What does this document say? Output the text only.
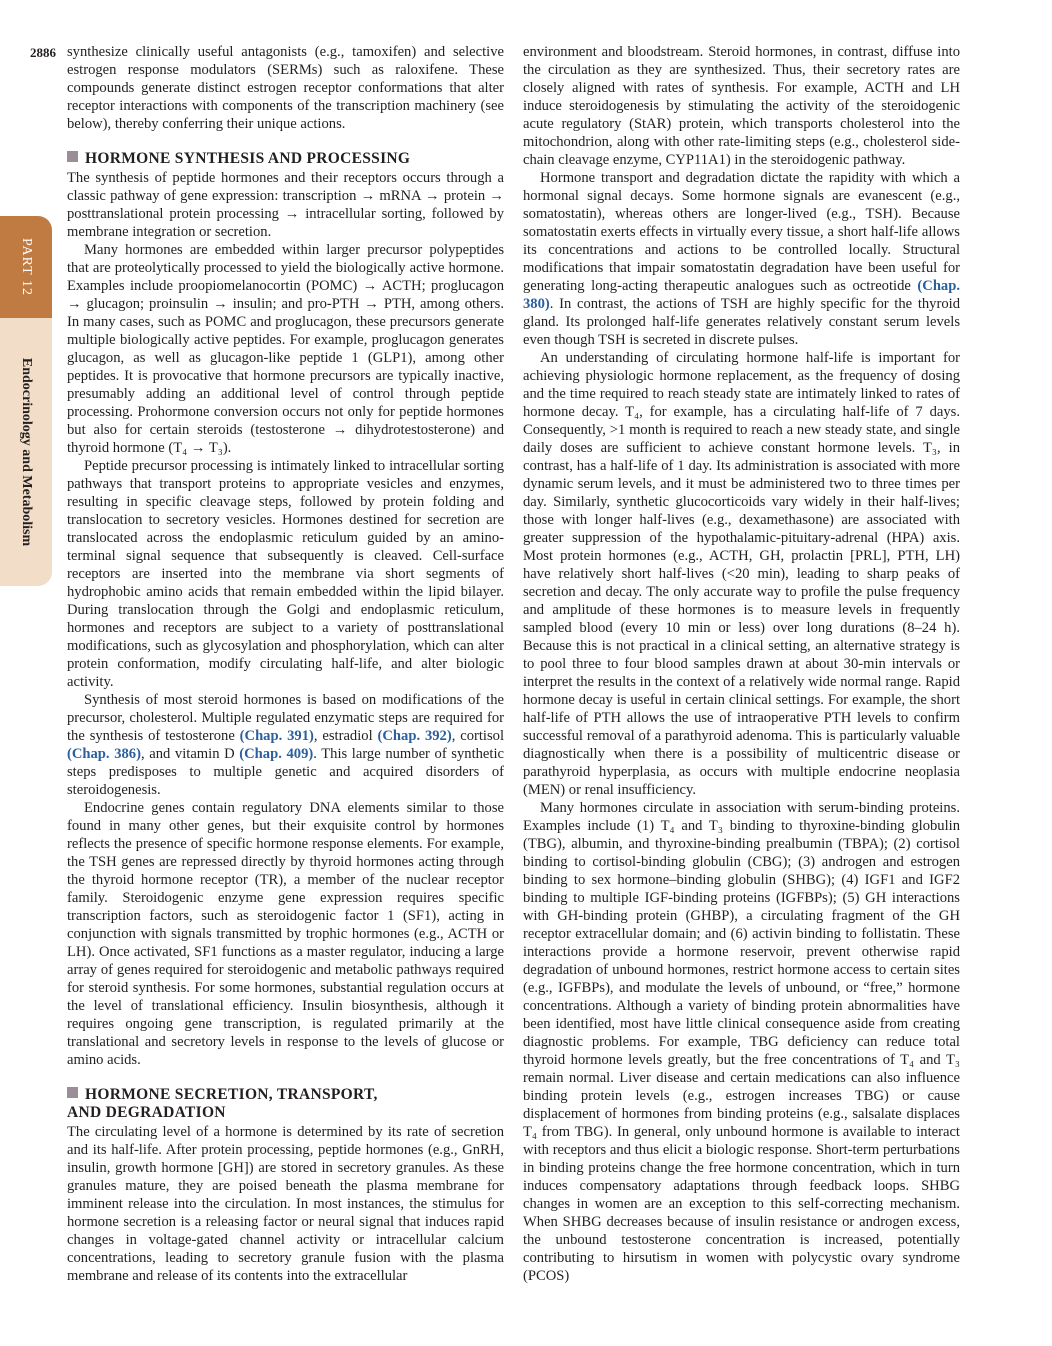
2886
PART 12
Endocrinology and Metabolism

synthesize clinically useful antagonists (e.g., tamoxifen) and selective estrogen response modulators (SERMs) such as raloxifene. These compounds generate distinct estrogen receptor conformations that alter receptor interactions with components of the transcription machinery (see below), thereby conferring their unique actions.

HORMONE SYNTHESIS AND PROCESSING

The synthesis of peptide hormones and their receptors occurs through a classic pathway of gene expression: transcription → mRNA → protein → posttranslational protein processing → intracellular sorting, followed by membrane integration or secretion.

Many hormones are embedded within larger precursor polypeptides that are proteolytically processed to yield the biologically active hormone. Examples include proopiomelanocortin (POMC) → ACTH; proglucagon → glucagon; proinsulin → insulin; and pro-PTH → PTH, among others. In many cases, such as POMC and proglucagon, these precursors generate multiple biologically active peptides. For example, proglucagon generates glucagon, as well as glucagon-like peptide 1 (GLP1), among other peptides. It is provocative that hormone precursors are typically inactive, presumably adding an additional level of control through peptide processing. Prohormone conversion occurs not only for peptide hormones but also for certain steroids (testosterone → dihydrotestosterone) and thyroid hormone (T₄ → T₃).

Peptide precursor processing is intimately linked to intracellular sorting pathways that transport proteins to appropriate vesicles and enzymes, resulting in specific cleavage steps, followed by protein folding and translocation to secretory vesicles. Hormones destined for secretion are translocated across the endoplasmic reticulum guided by an amino-terminal signal sequence that subsequently is cleaved. Cell-surface receptors are inserted into the membrane via short segments of hydrophobic amino acids that remain embedded within the lipid bilayer. During translocation through the Golgi and endoplasmic reticulum, hormones and receptors are subject to a variety of posttranslational modifications, such as glycosylation and phosphorylation, which can alter protein conformation, modify circulating half-life, and alter biologic activity.

Synthesis of most steroid hormones is based on modifications of the precursor, cholesterol. Multiple regulated enzymatic steps are required for the synthesis of testosterone (Chap. 391), estradiol (Chap. 392), cortisol (Chap. 386), and vitamin D (Chap. 409). This large number of synthetic steps predisposes to multiple genetic and acquired disorders of steroidogenesis.

Endocrine genes contain regulatory DNA elements similar to those found in many other genes, but their exquisite control by hormones reflects the presence of specific hormone response elements. For example, the TSH genes are repressed directly by thyroid hormones acting through the thyroid hormone receptor (TR), a member of the nuclear receptor family. Steroidogenic enzyme gene expression requires specific transcription factors, such as steroidogenic factor 1 (SF1), acting in conjunction with signals transmitted by trophic hormones (e.g., ACTH or LH). Once activated, SF1 functions as a master regulator, inducing a large array of genes required for steroidogenic and metabolic pathways required for steroid synthesis. For some hormones, substantial regulation occurs at the level of translational efficiency. Insulin biosynthesis, although it requires ongoing gene transcription, is regulated primarily at the translational and secretory levels in response to the levels of glucose or amino acids.

HORMONE SECRETION, TRANSPORT,
AND DEGRADATION

The circulating level of a hormone is determined by its rate of secretion and its half-life. After protein processing, peptide hormones (e.g., GnRH, insulin, growth hormone [GH]) are stored in secretory granules. As these granules mature, they are poised beneath the plasma membrane for imminent release into the circulation. In most instances, the stimulus for hormone secretion is a releasing factor or neural signal that induces rapid changes in voltage-gated channel activity or intracellular calcium concentrations, leading to secretory granule fusion with the plasma membrane and release of its contents into the extracellular

environment and bloodstream. Steroid hormones, in contrast, diffuse into the circulation as they are synthesized. Thus, their secretory rates are closely aligned with rates of synthesis. For example, ACTH and LH induce steroidogenesis by stimulating the activity of the steroidogenic acute regulatory (StAR) protein, which transports cholesterol into the mitochondrion, along with other rate-limiting steps (e.g., cholesterol side-chain cleavage enzyme, CYP11A1) in the steroidogenic pathway.

Hormone transport and degradation dictate the rapidity with which a hormonal signal decays. Some hormone signals are evanescent (e.g., somatostatin), whereas others are longer-lived (e.g., TSH). Because somatostatin exerts effects in virtually every tissue, a short half-life allows its concentrations and actions to be controlled locally. Structural modifications that impair somatostatin degradation have been useful for generating long-acting therapeutic analogues such as octreotide (Chap. 380). In contrast, the actions of TSH are highly specific for the thyroid gland. Its prolonged half-life generates relatively constant serum levels even though TSH is secreted in discrete pulses.

An understanding of circulating hormone half-life is important for achieving physiologic hormone replacement, as the frequency of dosing and the time required to reach steady state are intimately linked to rates of hormone decay. T₄, for example, has a circulating half-life of 7 days. Consequently, >1 month is required to reach a new steady state, and single daily doses are sufficient to achieve constant hormone levels. T₃, in contrast, has a half-life of 1 day. Its administration is associated with more dynamic serum levels, and it must be administered two to three times per day. Similarly, synthetic glucocorticoids vary widely in their half-lives; those with longer half-lives (e.g., dexamethasone) are associated with greater suppression of the hypothalamic-pituitary-adrenal (HPA) axis. Most protein hormones (e.g., ACTH, GH, prolactin [PRL], PTH, LH) have relatively short half-lives (<20 min), leading to sharp peaks of secretion and decay. The only accurate way to profile the pulse frequency and amplitude of these hormones is to measure levels in frequently sampled blood (every 10 min or less) over long durations (8–24 h). Because this is not practical in a clinical setting, an alternative strategy is to pool three to four blood samples drawn at about 30-min intervals or interpret the results in the context of a relatively wide normal range. Rapid hormone decay is useful in certain clinical settings. For example, the short half-life of PTH allows the use of intraoperative PTH levels to confirm successful removal of a parathyroid adenoma. This is particularly valuable diagnostically when there is a possibility of multicentric disease or parathyroid hyperplasia, as occurs with multiple endocrine neoplasia (MEN) or renal insufficiency.

Many hormones circulate in association with serum-binding proteins. Examples include (1) T₄ and T₃ binding to thyroxine-binding globulin (TBG), albumin, and thyroxine-binding prealbumin (TBPA); (2) cortisol binding to cortisol-binding globulin (CBG); (3) androgen and estrogen binding to sex hormone–binding globulin (SHBG); (4) IGF1 and IGF2 binding to multiple IGF-binding proteins (IGFBPs); (5) GH interactions with GH-binding protein (GHBP), a circulating fragment of the GH receptor extracellular domain; and (6) activin binding to follistatin. These interactions provide a hormone reservoir, prevent otherwise rapid degradation of unbound hormones, restrict hormone access to certain sites (e.g., IGFBPs), and modulate the levels of unbound, or “free,” hormone concentrations. Although a variety of binding protein abnormalities have been identified, most have little clinical consequence aside from creating diagnostic problems. For example, TBG deficiency can reduce total thyroid hormone levels greatly, but the free concentrations of T₄ and T₃ remain normal. Liver disease and certain medications can also influence binding protein levels (e.g., estrogen increases TBG) or cause displacement of hormones from binding proteins (e.g., salsalate displaces T₄ from TBG). In general, only unbound hormone is available to interact with receptors and thus elicit a biologic response. Short-term perturbations in binding proteins change the free hormone concentration, which in turn induces compensatory adaptations through feedback loops. SHBG changes in women are an exception to this self-correcting mechanism. When SHBG decreases because of insulin resistance or androgen excess, the unbound testosterone concentration is increased, potentially contributing to hirsutism in women with polycystic ovary syndrome (PCOS)
